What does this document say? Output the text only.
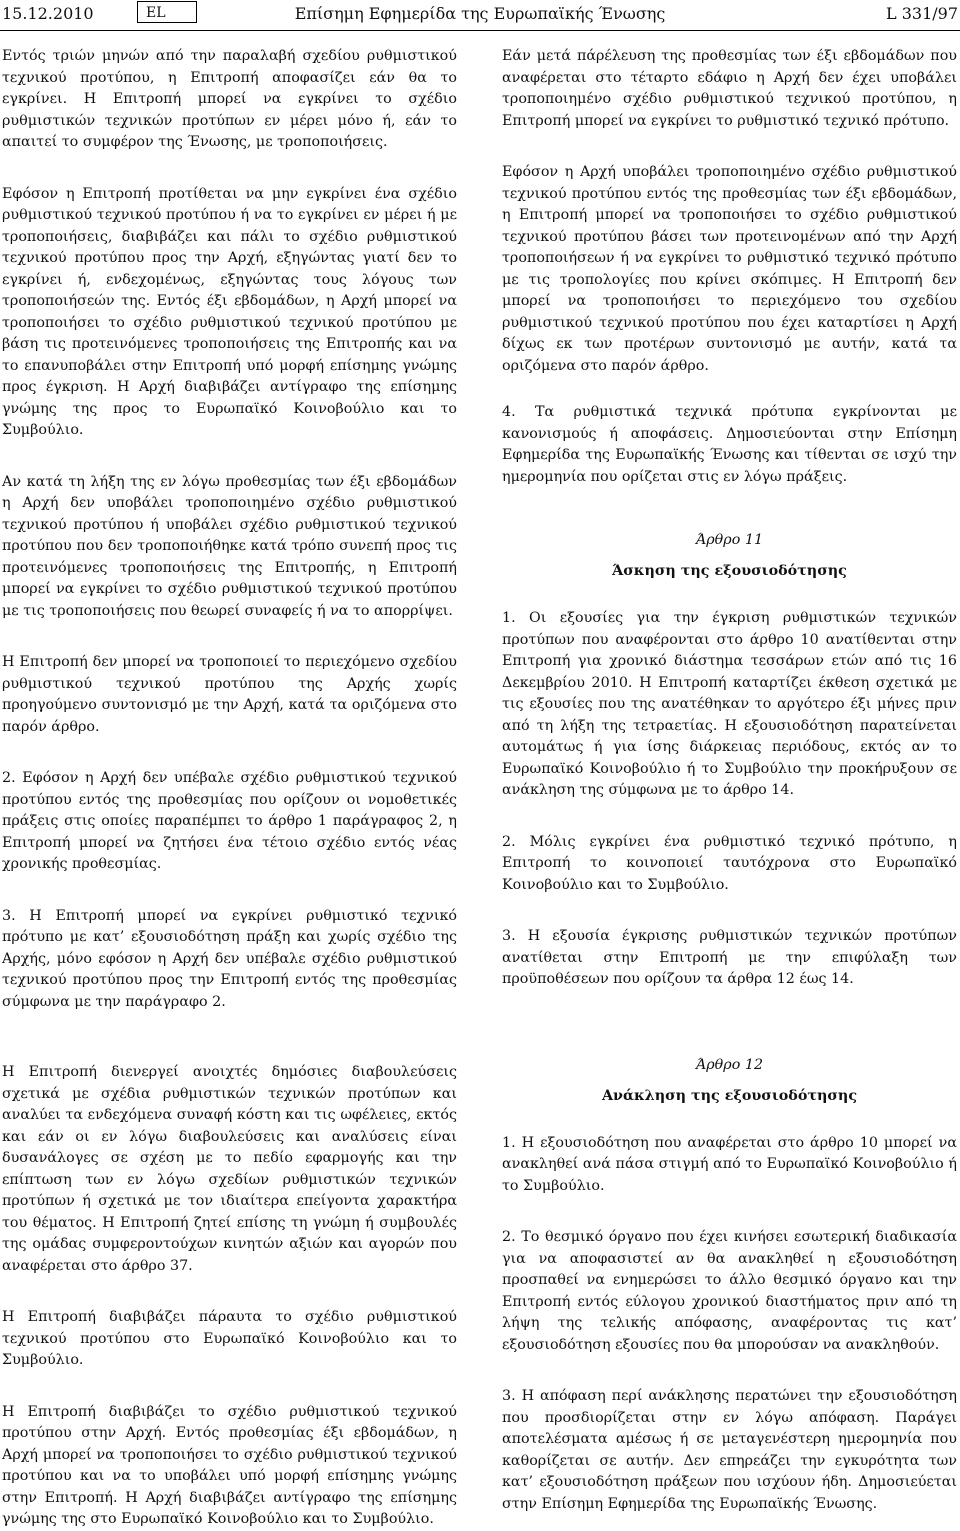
15.12.2010	EL	Επίσημη Εφημερίδα της Ευρωπαϊκής Ένωσης	L 331/97

Εντός τριών μηνών από την παραλαβή σχεδίου ρυθμιστικού τεχνικού προτύπου, η Επιτροπή αποφασίζει εάν θα το εγκρίνει. Η Επιτροπή μπορεί να εγκρίνει το σχέδιο ρυθμιστικών τεχνικών προτύπων εν μέρει μόνο ή, εάν το απαιτεί το συμφέρον της Ένωσης, με τροποποιήσεις.

Εφόσον η Επιτροπή προτίθεται να μην εγκρίνει ένα σχέδιο ρυθμιστικού τεχνικού προτύπου ή να το εγκρίνει εν μέρει ή με τροποποιήσεις, διαβιβάζει και πάλι το σχέδιο ρυθμιστικού τεχνικού προτύπου προς την Αρχή, εξηγώντας γιατί δεν το εγκρίνει ή, ενδεχομένως, εξηγώντας τους λόγους των τροποποιήσεών της. Εντός έξι εβδομάδων, η Αρχή μπορεί να τροποποιήσει το σχέδιο ρυθμιστικού τεχνικού προτύπου με βάση τις προτεινόμενες τροποποιήσεις της Επιτροπής και να το επανυποβάλει στην Επιτροπή υπό μορφή επίσημης γνώμης προς έγκριση. Η Αρχή διαβιβάζει αντίγραφο της επίσημης γνώμης της προς το Ευρωπαϊκό Κοινοβούλιο και το Συμβούλιο.

Αν κατά τη λήξη της εν λόγω προθεσμίας των έξι εβδομάδων η Αρχή δεν υποβάλει τροποποιημένο σχέδιο ρυθμιστικού τεχνικού προτύπου ή υποβάλει σχέδιο ρυθμιστικού τεχνικού προτύπου που δεν τροποποιήθηκε κατά τρόπο συνεπή προς τις προτεινόμενες τροποποιήσεις της Επιτροπής, η Επιτροπή μπορεί να εγκρίνει το σχέδιο ρυθμιστικού τεχνικού προτύπου με τις τροποποιήσεις που θεωρεί συναφείς ή να το απορρίψει.

Η Επιτροπή δεν μπορεί να τροποποιεί το περιεχόμενο σχεδίου ρυθμιστικού τεχνικού προτύπου της Αρχής χωρίς προηγούμενο συντονισμό με την Αρχή, κατά τα οριζόμενα στο παρόν άρθρο.

2. Εφόσον η Αρχή δεν υπέβαλε σχέδιο ρυθμιστικού τεχνικού προτύπου εντός της προθεσμίας που ορίζουν οι νομοθετικές πράξεις στις οποίες παραπέμπει το άρθρο 1 παράγραφος 2, η Επιτροπή μπορεί να ζητήσει ένα τέτοιο σχέδιο εντός νέας χρονικής προθεσμίας.

3. Η Επιτροπή μπορεί να εγκρίνει ρυθμιστικό τεχνικό πρότυπο με κατ’ εξουσιοδότηση πράξη και χωρίς σχέδιο της Αρχής, μόνο εφόσον η Αρχή δεν υπέβαλε σχέδιο ρυθμιστικού τεχνικού προτύπου προς την Επιτροπή εντός της προθεσμίας σύμφωνα με την παράγραφο 2.

Η Επιτροπή διενεργεί ανοιχτές δημόσιες διαβουλεύσεις σχετικά με σχέδια ρυθμιστικών τεχνικών προτύπων και αναλύει τα ενδεχόμενα συναφή κόστη και τις ωφέλειες, εκτός και εάν οι εν λόγω διαβουλεύσεις και αναλύσεις είναι δυσανάλογες σε σχέση με το πεδίο εφαρμογής και την επίπτωση των εν λόγω σχεδίων ρυθμιστικών τεχνικών προτύπων ή σχετικά με τον ιδιαίτερα επείγοντα χαρακτήρα του θέματος. Η Επιτροπή ζητεί επίσης τη γνώμη ή συμβουλές της ομάδας συμφεροντούχων κινητών αξιών και αγορών που αναφέρεται στο άρθρο 37.

Η Επιτροπή διαβιβάζει πάραυτα το σχέδιο ρυθμιστικού τεχνικού προτύπου στο Ευρωπαϊκό Κοινοβούλιο και το Συμβούλιο.

Η Επιτροπή διαβιβάζει το σχέδιο ρυθμιστικού τεχνικού προτύπου στην Αρχή. Εντός προθεσμίας έξι εβδομάδων, η Αρχή μπορεί να τροποποιήσει το σχέδιο ρυθμιστικού τεχνικού προτύπου και να το υποβάλει υπό μορφή επίσημης γνώμης στην Επιτροπή. Η Αρχή διαβιβάζει αντίγραφο της επίσημης γνώμης της στο Ευρωπαϊκό Κοινοβούλιο και το Συμβούλιο.

Εάν μετά πάρέλευση της προθεσμίας των έξι εβδομάδων που αναφέρεται στο τέταρτο εδάφιο η Αρχή δεν έχει υποβάλει τροποποιημένο σχέδιο ρυθμιστικού τεχνικού προτύπου, η Επιτροπή μπορεί να εγκρίνει το ρυθμιστικό τεχνικό πρότυπο.

Εφόσον η Αρχή υποβάλει τροποποιημένο σχέδιο ρυθμιστικού τεχνικού προτύπου εντός της προθεσμίας των έξι εβδομάδων, η Επιτροπή μπορεί να τροποποιήσει το σχέδιο ρυθμιστικού τεχνικού προτύπου βάσει των προτεινομένων από την Αρχή τροποποιήσεων ή να εγκρίνει το ρυθμιστικό τεχνικό πρότυπο με τις τροπολογίες που κρίνει σκόπιμες. Η Επιτροπή δεν μπορεί να τροποποιήσει το περιεχόμενο του σχεδίου ρυθμιστικού τεχνικού προτύπου που έχει καταρτίσει η Αρχή δίχως εκ των προτέρων συντονισμό με αυτήν, κατά τα οριζόμενα στο παρόν άρθρο.

4. Τα ρυθμιστικά τεχνικά πρότυπα εγκρίνονται με κανονισμούς ή αποφάσεις. Δημοσιεύονται στην Επίσημη Εφημερίδα της Ευρωπαϊκής Ένωσης και τίθενται σε ισχύ την ημερομηνία που ορίζεται στις εν λόγω πράξεις.

Άρθρο 11

Άσκηση της εξουσιοδότησης

1. Οι εξουσίες για την έγκριση ρυθμιστικών τεχνικών προτύπων που αναφέρονται στο άρθρο 10 ανατίθενται στην Επιτροπή για χρονικό διάστημα τεσσάρων ετών από τις 16 Δεκεμβρίου 2010. Η Επιτροπή καταρτίζει έκθεση σχετικά με τις εξουσίες που της ανατέθηκαν το αργότερο έξι μήνες πριν από τη λήξη της τετραετίας. Η εξουσιοδότηση παρατείνεται αυτομάτως ή για ίσης διάρκειας περιόδους, εκτός αν το Ευρωπαϊκό Κοινοβούλιο ή το Συμβούλιο την προκήρυξουν σε ανάκληση της σύμφωνα με το άρθρο 14.

2. Μόλις εγκρίνει ένα ρυθμιστικό τεχνικό πρότυπο, η Επιτροπή το κοινοποιεί ταυτόχρονα στο Ευρωπαϊκό Κοινοβούλιο και το Συμβούλιο.

3. Η εξουσία έγκρισης ρυθμιστικών τεχνικών προτύπων ανατίθεται στην Επιτροπή με την επιφύλαξη των προϋποθέσεων που ορίζουν τα άρθρα 12 έως 14.

Άρθρο 12

Ανάκληση της εξουσιοδότησης

1. Η εξουσιοδότηση που αναφέρεται στο άρθρο 10 μπορεί να ανακληθεί ανά πάσα στιγμή από το Ευρωπαϊκό Κοινοβούλιο ή το Συμβούλιο.

2. Το θεσμικό όργανο που έχει κινήσει εσωτερική διαδικασία για να αποφασιστεί αν θα ανακληθεί η εξουσιοδότηση προσπαθεί να ενημερώσει το άλλο θεσμικό όργανο και την Επιτροπή εντός εύλογου χρονικού διαστήματος πριν από τη λήψη της τελικής απόφασης, αναφέροντας τις κατ’ εξουσιοδότηση εξουσίες που θα μπορούσαν να ανακληθούν.

3. Η απόφαση περί ανάκλησης περατώνει την εξουσιοδότηση που προσδιορίζεται στην εν λόγω απόφαση. Παράγει αποτελέσματα αμέσως ή σε μεταγενέστερη ημερομηνία που καθορίζεται σε αυτήν. Δεν επηρεάζει την εγκυρότητα των κατ’ εξουσιοδότηση πράξεων που ισχύουν ήδη. Δημοσιεύεται στην Επίσημη Εφημερίδα της Ευρωπαϊκής Ένωσης.
